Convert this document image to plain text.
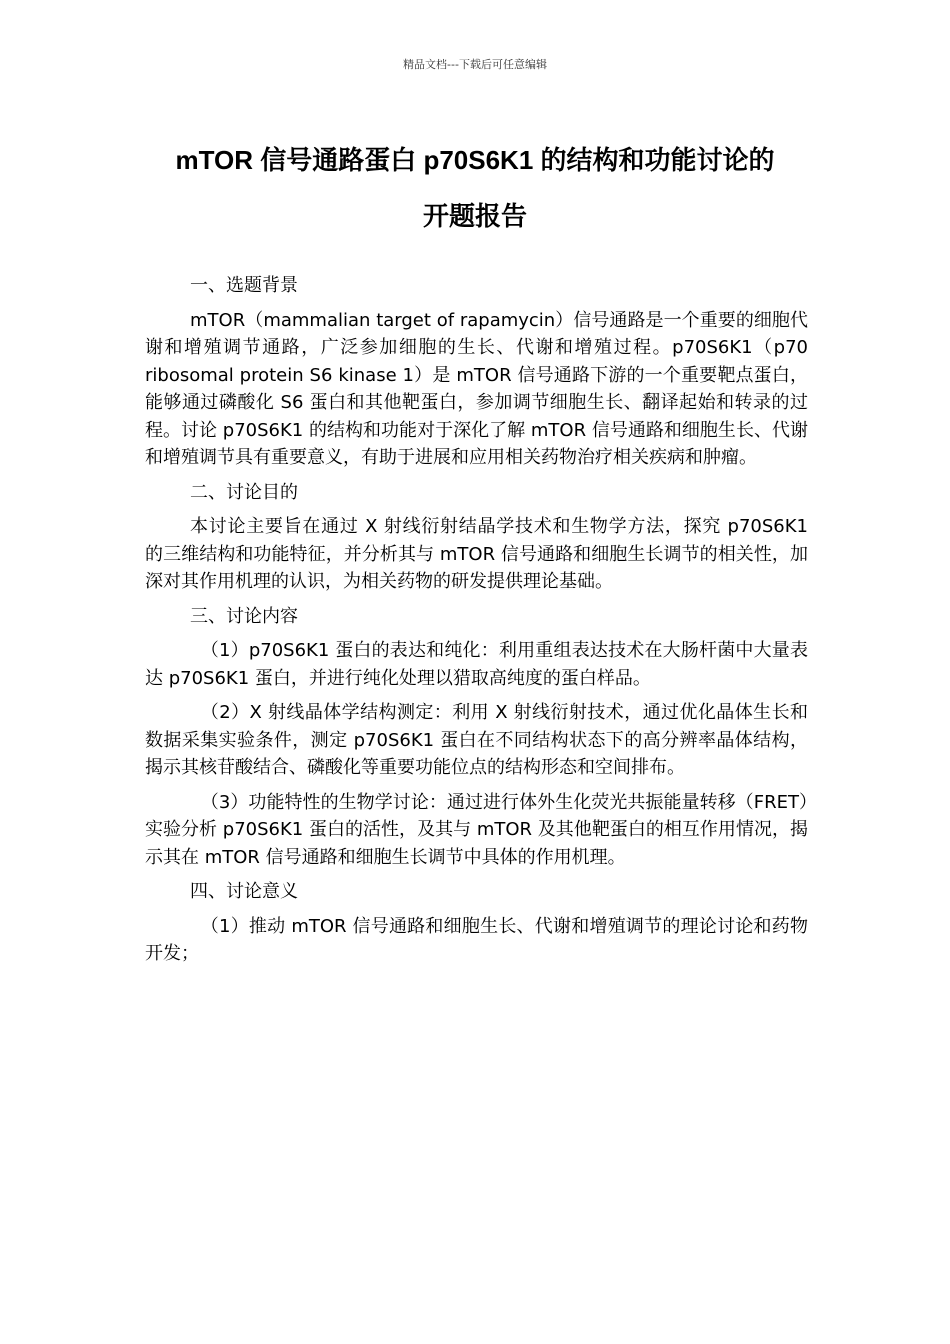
精品文档---下载后可任意编辑
mTOR 信号通路蛋白 p70S6K1 的结构和功能讨论的
开题报告

一、选题背景

mTOR（mammalian target of rapamycin）信号通路是一个重要的细胞代谢和增殖调节通路，广泛参加细胞的生长、代谢和增殖过程。p70S6K1（p70 ribosomal protein S6 kinase 1）是 mTOR 信号通路下游的一个重要靶点蛋白，能够通过磷酸化 S6 蛋白和其他靶蛋白，参加调节细胞生长、翻译起始和转录的过程。讨论 p70S6K1 的结构和功能对于深化了解 mTOR 信号通路和细胞生长、代谢和增殖调节具有重要意义，有助于进展和应用相关药物治疗相关疾病和肿瘤。

二、讨论目的

本讨论主要旨在通过 X 射线衍射结晶学技术和生物学方法，探究 p70S6K1 的三维结构和功能特征，并分析其与 mTOR 信号通路和细胞生长调节的相关性，加深对其作用机理的认识，为相关药物的研发提供理论基础。

三、讨论内容

（1）p70S6K1 蛋白的表达和纯化：利用重组表达技术在大肠杆菌中大量表达 p70S6K1 蛋白，并进行纯化处理以猎取高纯度的蛋白样品。

（2）X 射线晶体学结构测定：利用 X 射线衍射技术，通过优化晶体生长和数据采集实验条件，测定 p70S6K1 蛋白在不同结构状态下的高分辨率晶体结构，揭示其核苷酸结合、磷酸化等重要功能位点的结构形态和空间排布。

（3）功能特性的生物学讨论：通过进行体外生化荧光共振能量转移（FRET）实验分析 p70S6K1 蛋白的活性，及其与 mTOR 及其他靶蛋白的相互作用情况，揭示其在 mTOR 信号通路和细胞生长调节中具体的作用机理。

四、讨论意义

（1）推动 mTOR 信号通路和细胞生长、代谢和增殖调节的理论讨论和药物开发；
